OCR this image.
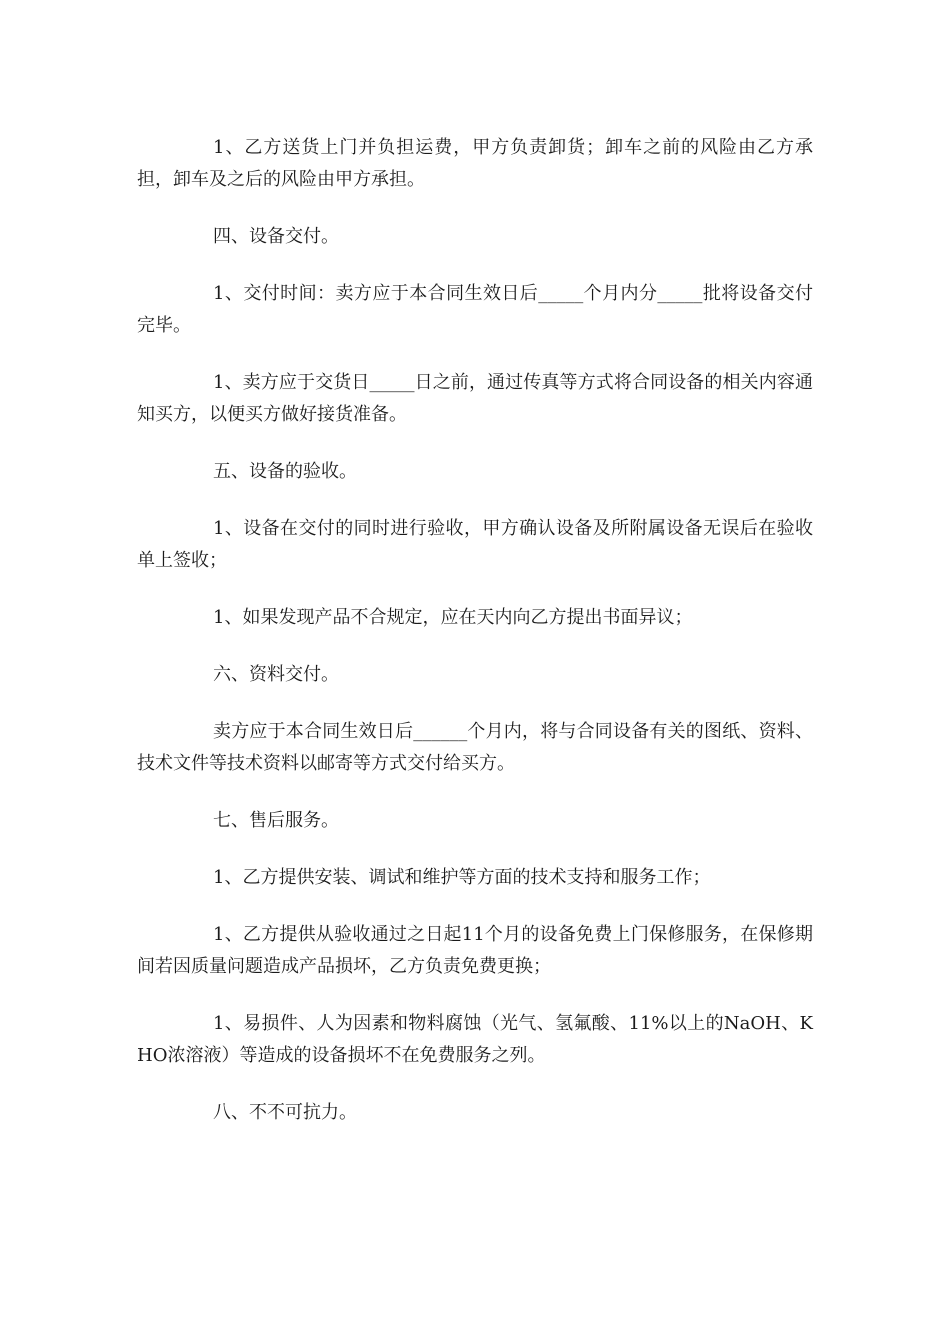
1、乙方送货上门并负担运费，甲方负责卸货；卸车之前的风险由乙方承担，卸车及之后的风险由甲方承担。

四、设备交付。

1、交付时间：卖方应于本合同生效日后_____个月内分_____批将设备交付完毕。

1、卖方应于交货日_____日之前，通过传真等方式将合同设备的相关内容通知买方，以便买方做好接货准备。

五、设备的验收。

1、设备在交付的同时进行验收，甲方确认设备及所附属设备无误后在验收单上签收；

1、如果发现产品不合规定，应在天内向乙方提出书面异议；

六、资料交付。

卖方应于本合同生效日后______个月内，将与合同设备有关的图纸、资料、技术文件等技术资料以邮寄等方式交付给买方。

七、售后服务。

1、乙方提供安装、调试和维护等方面的技术支持和服务工作；

1、乙方提供从验收通过之日起11个月的设备免费上门保修服务，在保修期间若因质量问题造成产品损坏，乙方负责免费更换；

1、易损件、人为因素和物料腐蚀（光气、氢氟酸、11%以上的NaOH、KHO浓溶液）等造成的设备损坏不在免费服务之列。

八、不不可抗力。
